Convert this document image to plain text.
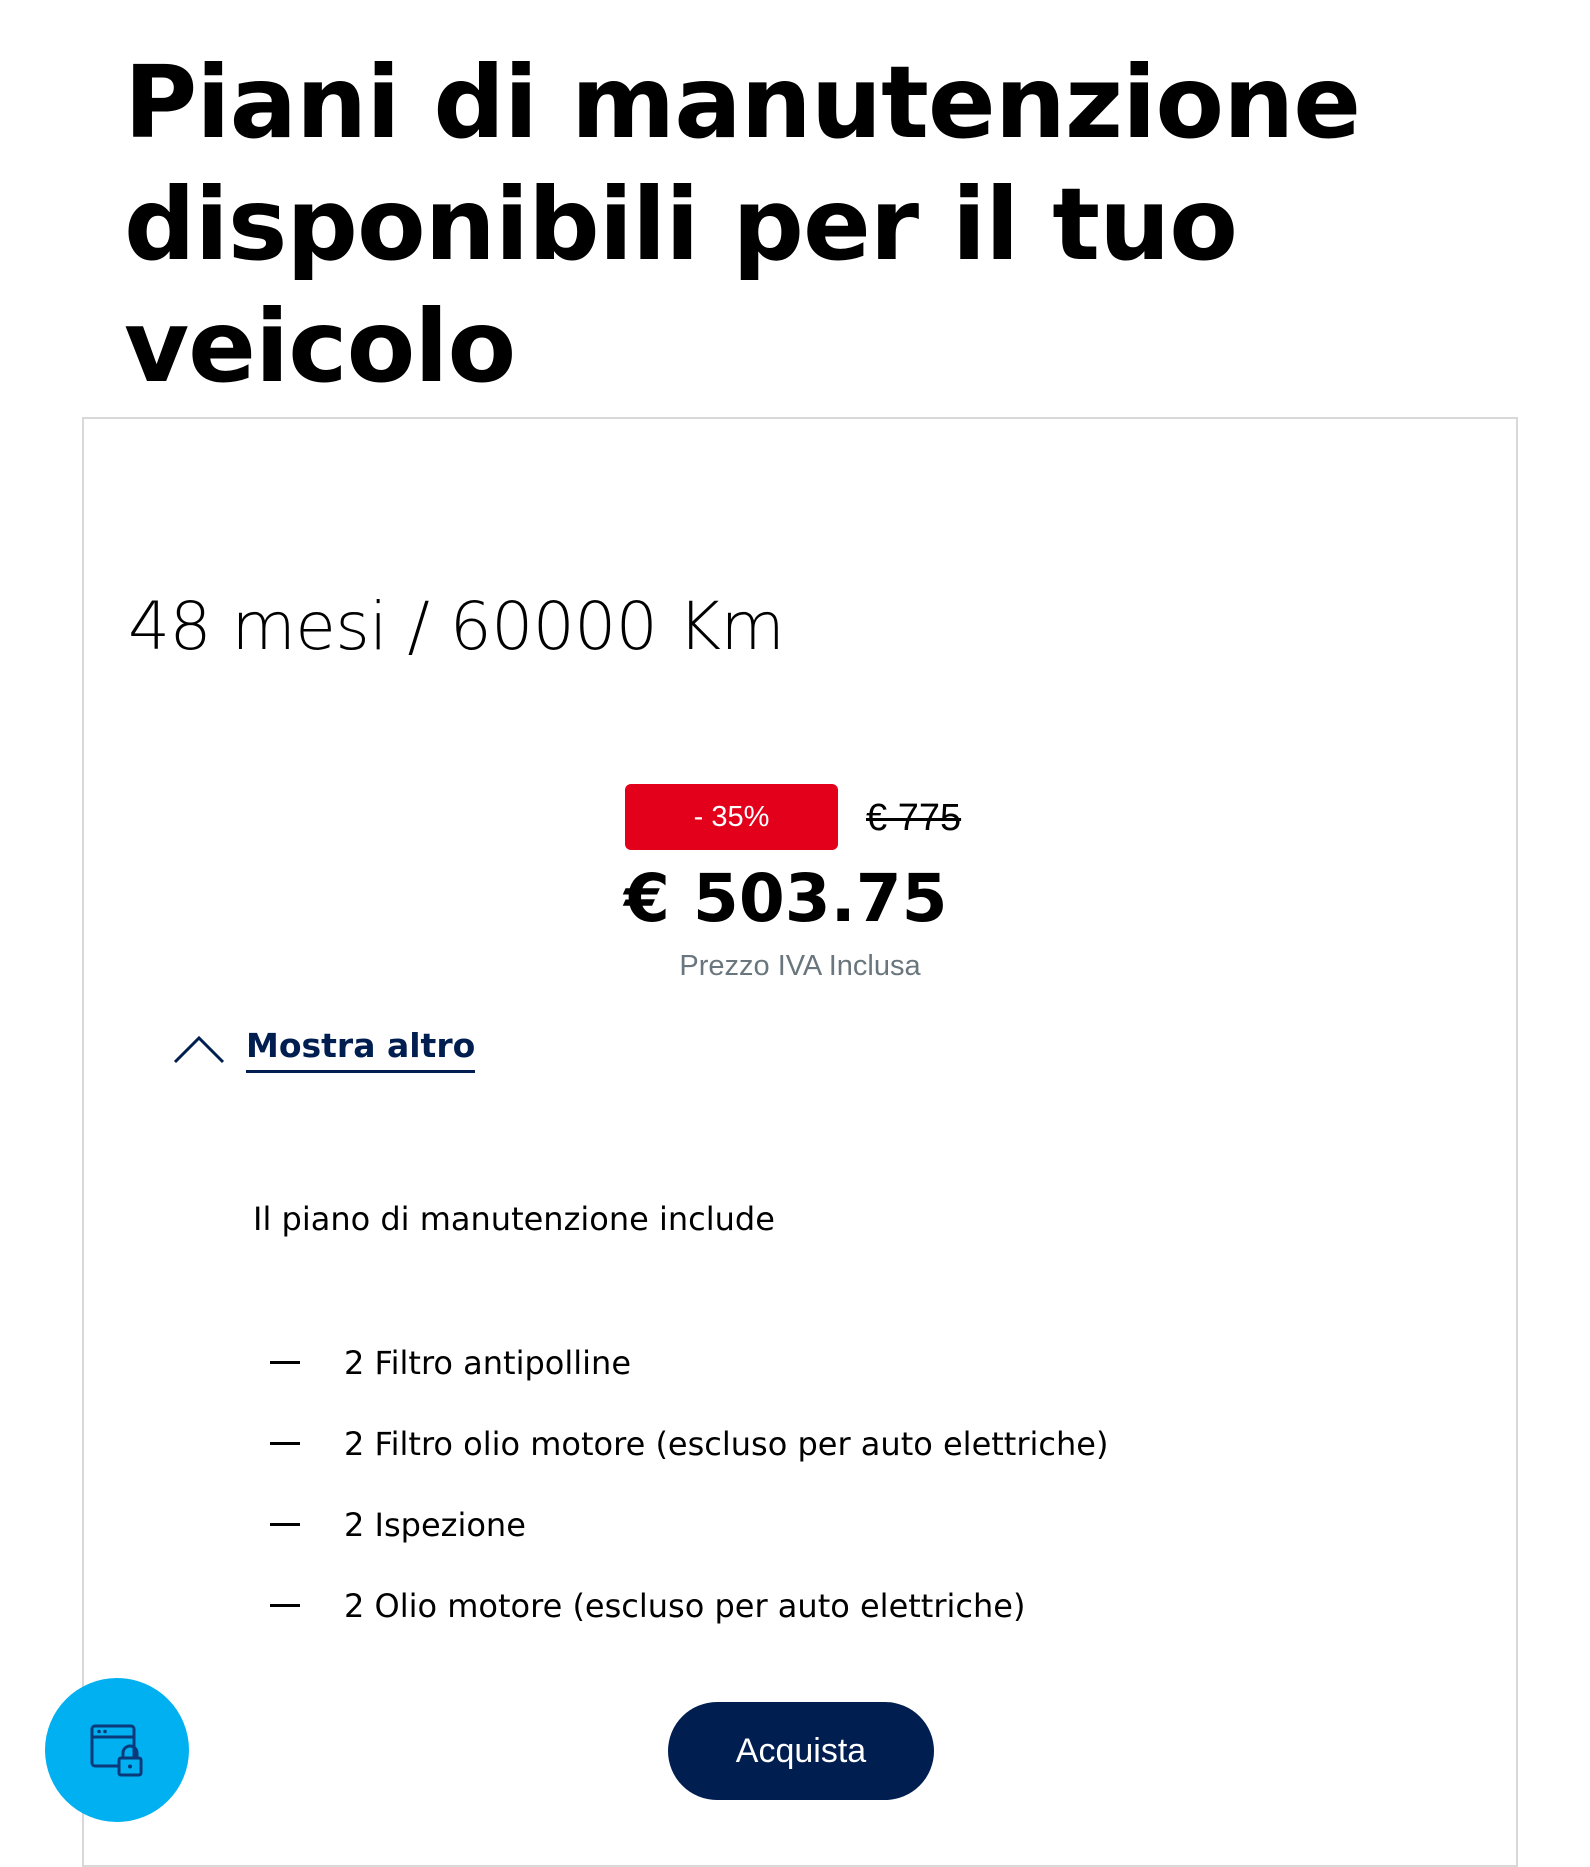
Piani di manutenzione disponibili per il tuo veicolo
48 mesi / 60000 Km
- 35%	€ 775
€ 503.75
Prezzo IVA Inclusa
Mostra altro

Il piano di manutenzione include

2 Filtro antipolline
2 Filtro olio motore (escluso per auto elettriche)
2 Ispezione
2 Olio motore (escluso per auto elettriche)
Acquista
